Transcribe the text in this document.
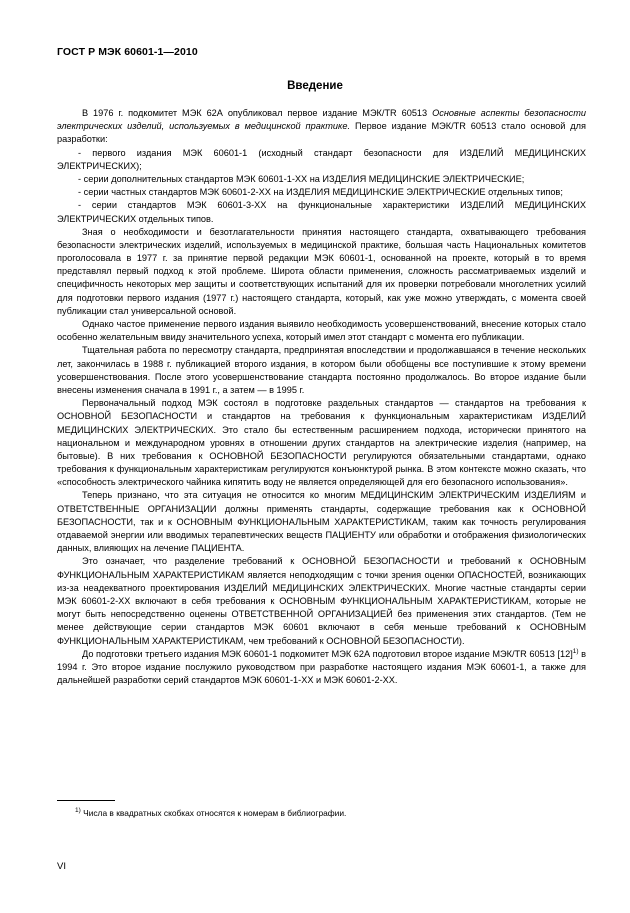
ГОСТ Р МЭК 60601-1—2010
Введение

В 1976 г. подкомитет МЭК 62А опубликовал первое издание МЭК/TR 60513 Основные аспекты безопасности электрических изделий, используемых в медицинской практике. Первое издание МЭК/TR 60513 стало основой для разработки:

- первого издания МЭК 60601-1 (исходный стандарт безопасности для ИЗДЕЛИЙ МЕДИЦИНСКИХ ЭЛЕКТРИЧЕСКИХ);

- серии дополнительных стандартов МЭК 60601-1-ХХ на ИЗДЕЛИЯ МЕДИЦИНСКИЕ ЭЛЕКТРИЧЕСКИЕ;

- серии частных стандартов МЭК 60601-2-ХХ на ИЗДЕЛИЯ МЕДИЦИНСКИЕ ЭЛЕКТРИЧЕСКИЕ отдельных типов;

- серии стандартов МЭК 60601-3-ХХ на функциональные характеристики ИЗДЕЛИЙ МЕДИЦИНСКИХ ЭЛЕКТРИЧЕСКИХ отдельных типов.

Зная о необходимости и безотлагательности принятия настоящего стандарта, охватывающего требования безопасности электрических изделий, используемых в медицинской практике, большая часть Национальных комитетов проголосовала в 1977 г. за принятие первой редакции МЭК 60601-1, основанной на проекте, который в то время представлял первый подход к этой проблеме. Широта области применения, сложность рассматриваемых изделий и специфичность некоторых мер защиты и соответствующих испытаний для их проверки потребовали многолетних усилий для подготовки первого издания (1977 г.) настоящего стандарта, который, как уже можно утверждать, с момента своей публикации стал универсальной основой.

Однако частое применение первого издания выявило необходимость усовершенствований, внесение которых стало особенно желательным ввиду значительного успеха, который имел этот стандарт с момента его публикации.

Тщательная работа по пересмотру стандарта, предпринятая впоследствии и продолжавшаяся в течение нескольких лет, закончилась в 1988 г. публикацией второго издания, в котором были обобщены все поступившие к этому времени усовершенствования. После этого усовершенствование стандарта постоянно продолжалось. Во второе издание были внесены изменения сначала в 1991 г., а затем — в 1995 г.

Первоначальный подход МЭК состоял в подготовке раздельных стандартов — стандартов на требования к ОСНОВНОЙ БЕЗОПАСНОСТИ и стандартов на требования к функциональным характеристикам ИЗДЕЛИЙ МЕДИЦИНСКИХ ЭЛЕКТРИЧЕСКИХ. Это стало бы естественным расширением подхода, исторически принятого на национальном и международном уровнях в отношении других стандартов на электрические изделия (например, на бытовые). В них требования к ОСНОВНОЙ БЕЗОПАСНОСТИ регулируются обязательными стандартами, однако требования к функциональным характеристикам регулируются конъюнктурой рынка. В этом контексте можно сказать, что «способность электрического чайника кипятить воду не является определяющей для его безопасного использования».

Теперь признано, что эта ситуация не относится ко многим МЕДИЦИНСКИМ ЭЛЕКТРИЧЕСКИМ ИЗДЕЛИЯМ и ОТВЕТСТВЕННЫЕ ОРГАНИЗАЦИИ должны применять стандарты, содержащие требования как к ОСНОВНОЙ БЕЗОПАСНОСТИ, так и к ОСНОВНЫМ ФУНКЦИОНАЛЬНЫМ ХАРАКТЕРИСТИКАМ, таким как точность регулирования отдаваемой энергии или вводимых терапевтических веществ ПАЦИЕНТУ или обработки и отображения физиологических данных, влияющих на лечение ПАЦИЕНТА.

Это означает, что разделение требований к ОСНОВНОЙ БЕЗОПАСНОСТИ и требований к ОСНОВНЫМ ФУНКЦИОНАЛЬНЫМ ХАРАКТЕРИСТИКАМ является неподходящим с точки зрения оценки ОПАСНОСТЕЙ, возникающих из-за неадекватного проектирования ИЗДЕЛИЙ МЕДИЦИНСКИХ ЭЛЕКТРИЧЕСКИХ. Многие частные стандарты серии МЭК 60601-2-ХХ включают в себя требования к ОСНОВНЫМ ФУНКЦИОНАЛЬНЫМ ХАРАКТЕРИСТИКАМ, которые не могут быть непосредственно оценены ОТВЕТСТВЕННОЙ ОРГАНИЗАЦИЕЙ без применения этих стандартов. (Тем не менее действующие серии стандартов МЭК 60601 включают в себя меньше требований к ОСНОВНЫМ ФУНКЦИОНАЛЬНЫМ ХАРАКТЕРИСТИКАМ, чем требований к ОСНОВНОЙ БЕЗОПАСНОСТИ).

До подготовки третьего издания МЭК 60601-1 подкомитет МЭК 62А подготовил второе издание МЭК/TR 60513 $[12]^{1)}$ в 1994 г. Это второе издание послужило руководством при разработке настоящего издания МЭК 60601-1, а также для дальнейшей разработки серий стандартов МЭК 60601-1-ХХ и МЭК 60601-2-ХХ.

$^{1)}$ Числа в квадратных скобках относятся к номерам в библиографии.
VI
